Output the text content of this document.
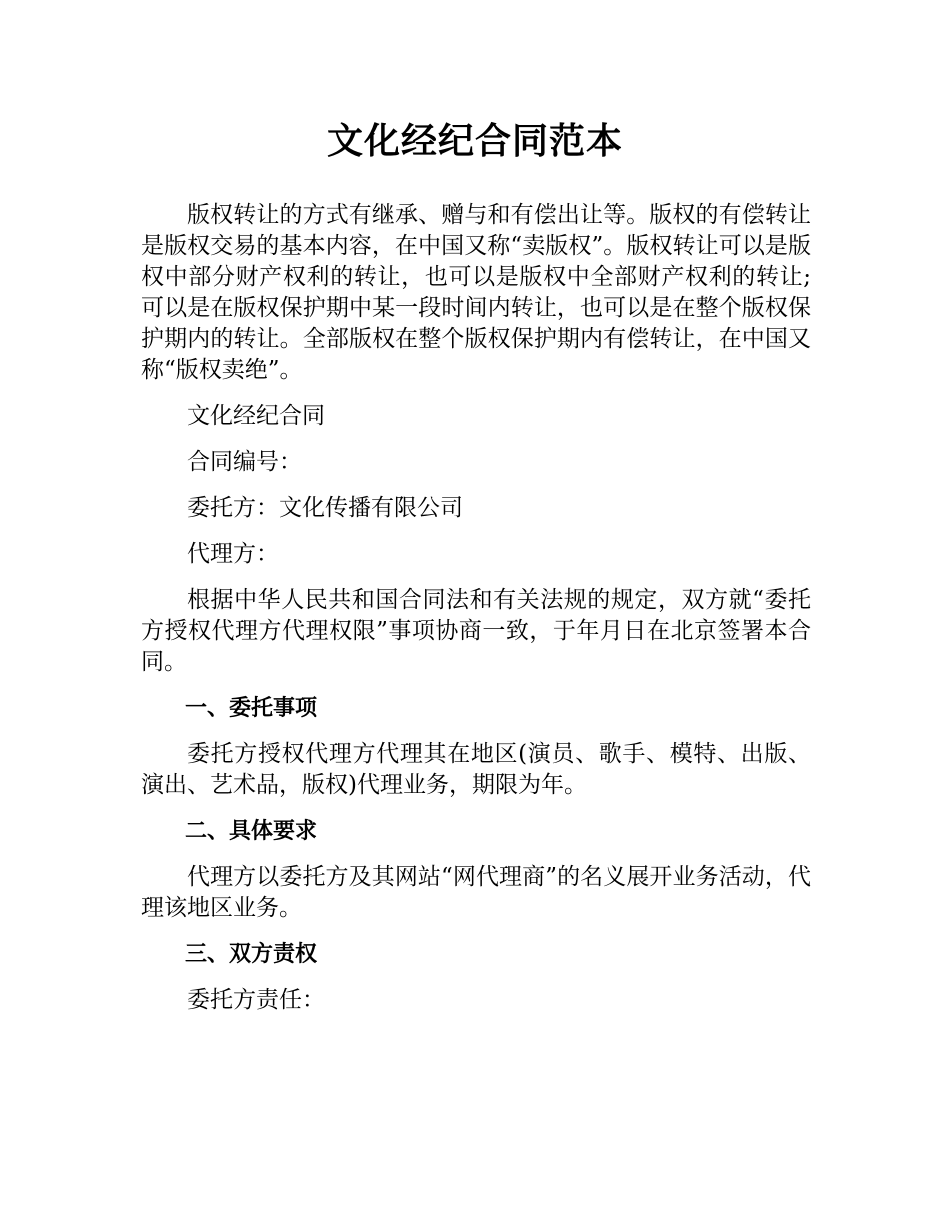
文化经纪合同范本

版权转让的方式有继承、赠与和有偿出让等。版权的有偿转让是版权交易的基本内容，在中国又称“卖版权”。版权转让可以是版权中部分财产权利的转让，也可以是版权中全部财产权利的转让;可以是在版权保护期中某一段时间内转让，也可以是在整个版权保护期内的转让。全部版权在整个版权保护期内有偿转让，在中国又称“版权卖绝”。

文化经纪合同

合同编号：

委托方：文化传播有限公司

代理方：

根据中华人民共和国合同法和有关法规的规定，双方就“委托方授权代理方代理权限”事项协商一致，于年月日在北京签署本合同。

一、委托事项

委托方授权代理方代理其在地区(演员、歌手、模特、出版、演出、艺术品，版权)代理业务，期限为年。

二、具体要求

代理方以委托方及其网站“网代理商”的名义展开业务活动，代理该地区业务。

三、双方责权

委托方责任：
